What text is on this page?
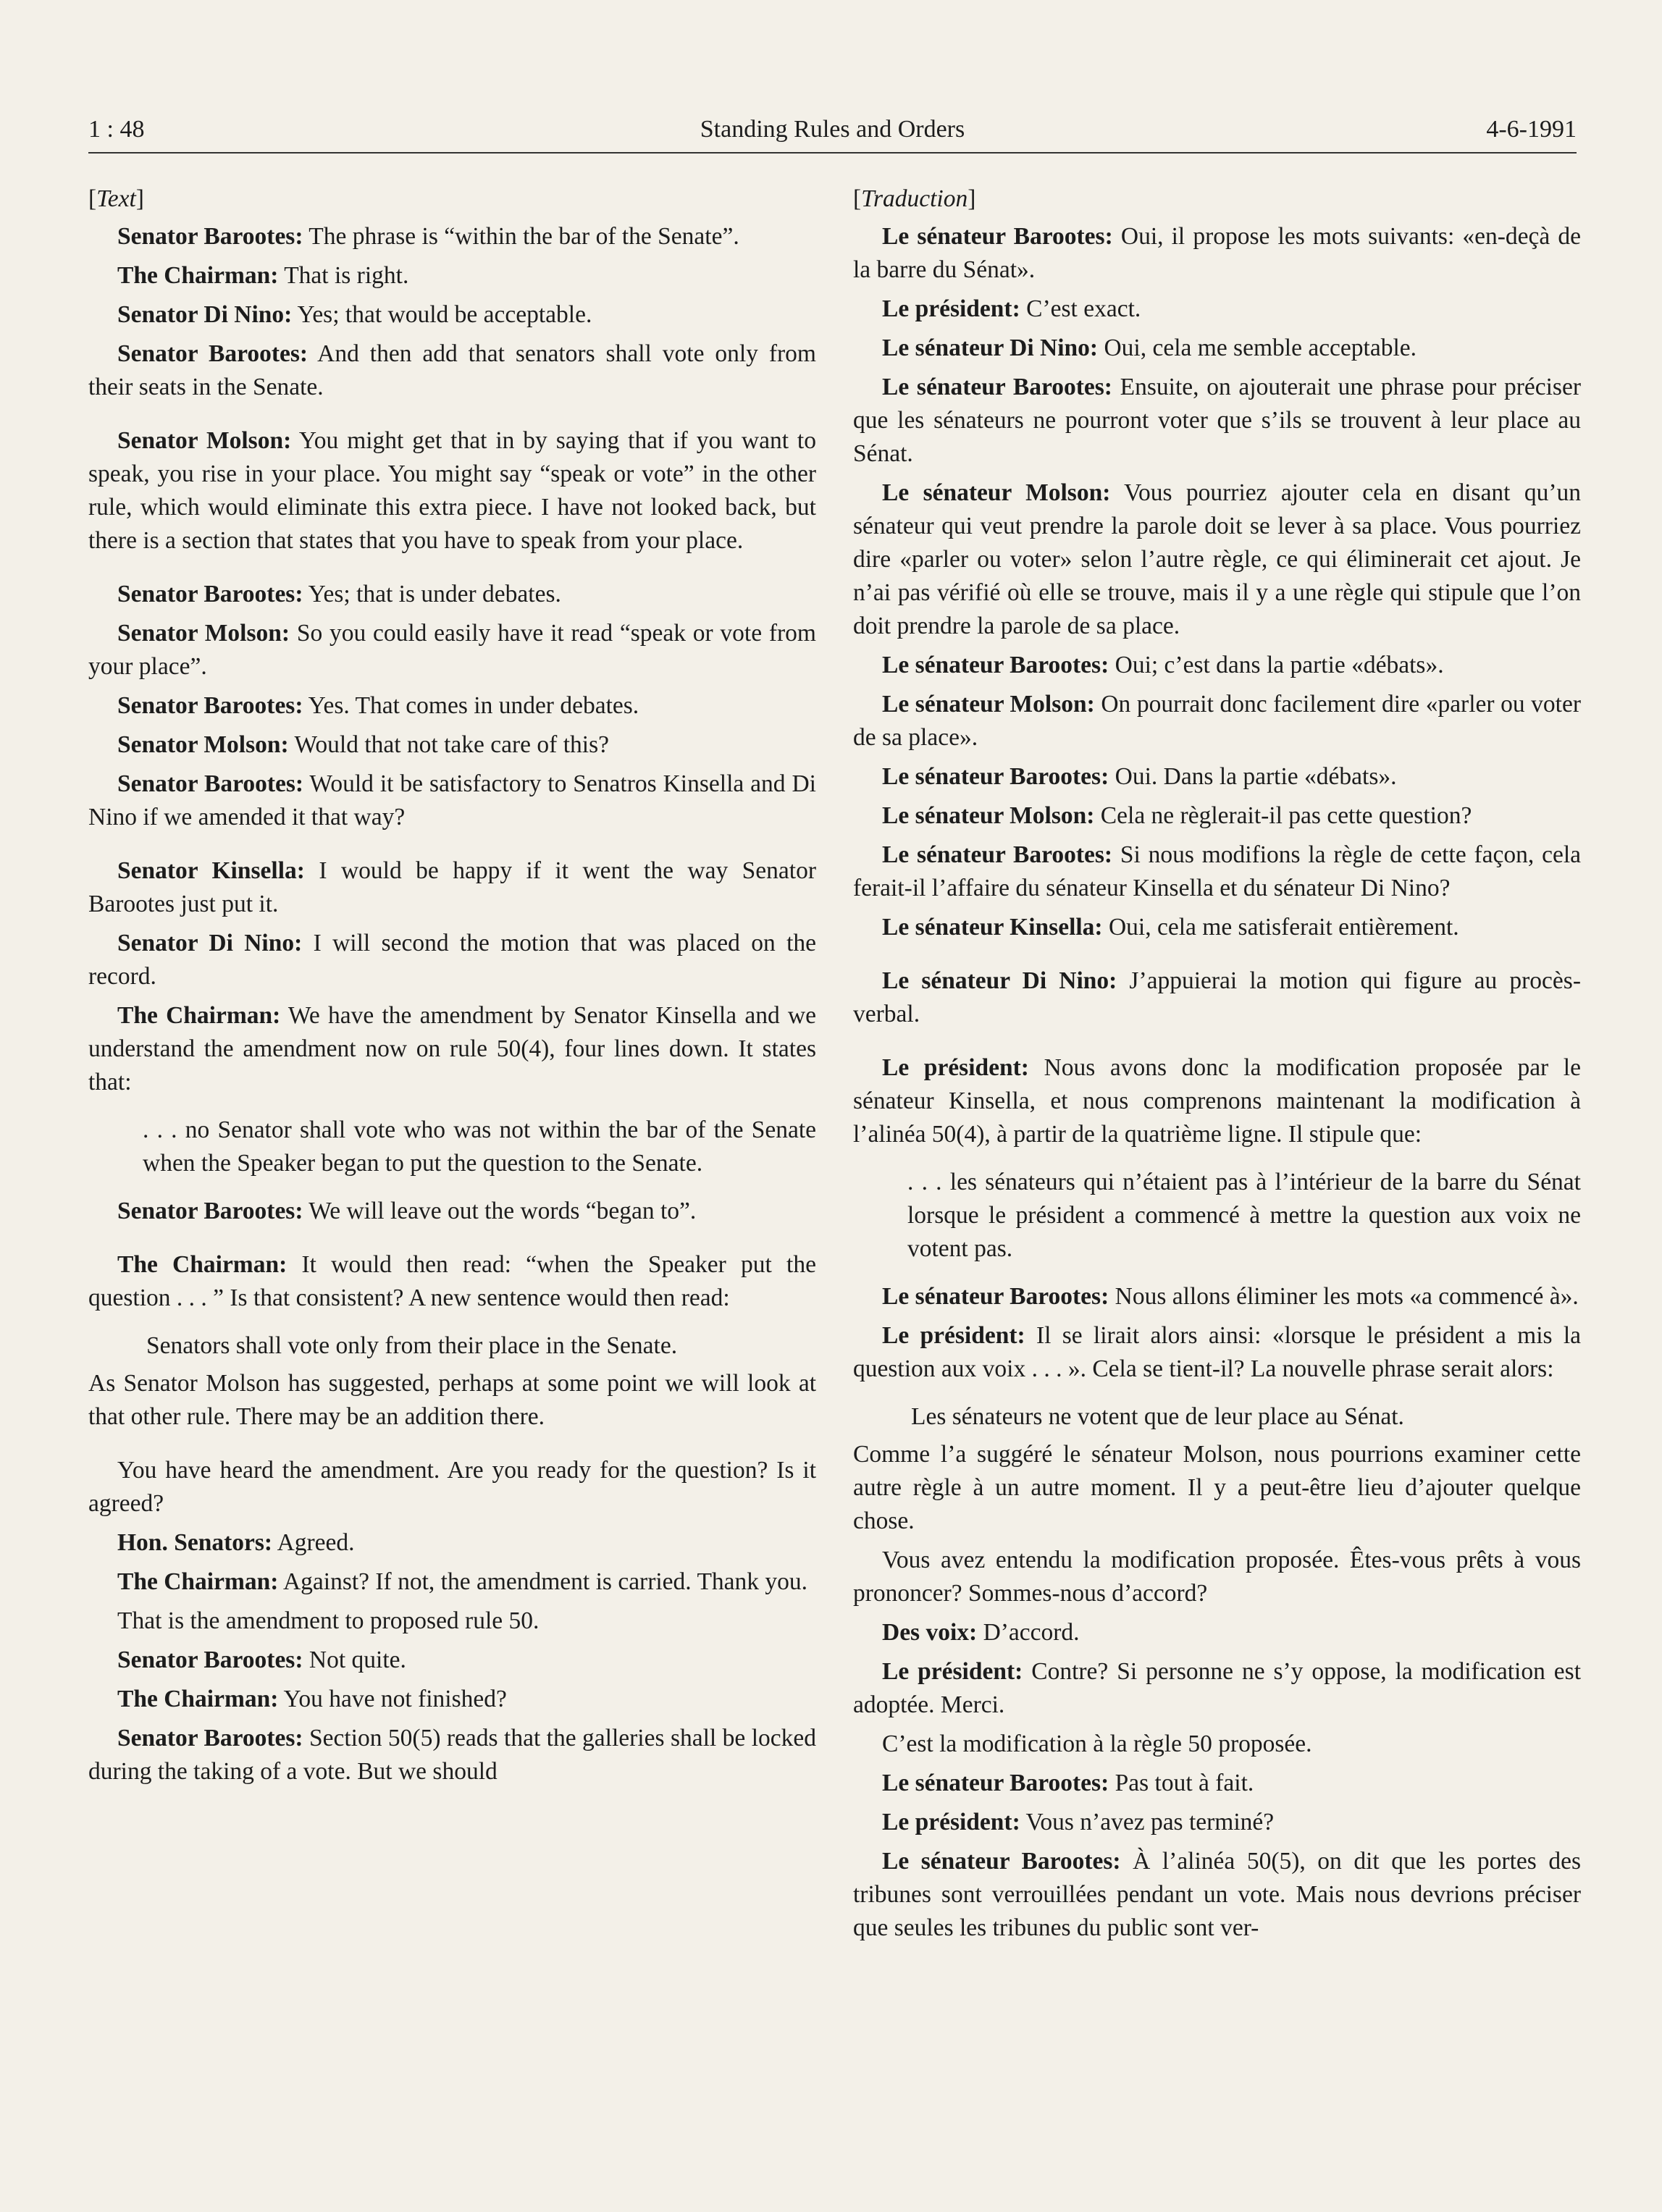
1 : 48	Standing Rules and Orders	4-6-1991
[Text]

Senator Barootes: The phrase is “within the bar of the Senate”.

The Chairman: That is right.

Senator Di Nino: Yes; that would be acceptable.

Senator Barootes: And then add that senators shall vote only from their seats in the Senate.

Senator Molson: You might get that in by saying that if you want to speak, you rise in your place. You might say “speak or vote” in the other rule, which would eliminate this extra piece. I have not looked back, but there is a section that states that you have to speak from your place.

Senator Barootes: Yes; that is under debates.

Senator Molson: So you could easily have it read “speak or vote from your place”.

Senator Barootes: Yes. That comes in under debates.

Senator Molson: Would that not take care of this?

Senator Barootes: Would it be satisfactory to Senatros Kinsella and Di Nino if we amended it that way?

Senator Kinsella: I would be happy if it went the way Senator Barootes just put it.

Senator Di Nino: I will second the motion that was placed on the record.

The Chairman: We have the amendment by Senator Kinsella and we understand the amendment now on rule 50(4), four lines down. It states that:

. . . no Senator shall vote who was not within the bar of the Senate when the Speaker began to put the question to the Senate.

Senator Barootes: We will leave out the words “began to”.

The Chairman: It would then read: “when the Speaker put the question . . . ” Is that consistent? A new sentence would then read:

Senators shall vote only from their place in the Senate.

As Senator Molson has suggested, perhaps at some point we will look at that other rule. There may be an addition there.

You have heard the amendment. Are you ready for the question? Is it agreed?

Hon. Senators: Agreed.

The Chairman: Against? If not, the amendment is carried. Thank you.

That is the amendment to proposed rule 50.

Senator Barootes: Not quite.

The Chairman: You have not finished?

Senator Barootes: Section 50(5) reads that the galleries shall be locked during the taking of a vote. But we should

[Traduction]

Le sénateur Barootes: Oui, il propose les mots suivants: «en-deçà de la barre du Sénat».

Le président: C’est exact.

Le sénateur Di Nino: Oui, cela me semble acceptable.

Le sénateur Barootes: Ensuite, on ajouterait une phrase pour préciser que les sénateurs ne pourront voter que s’ils se trouvent à leur place au Sénat.

Le sénateur Molson: Vous pourriez ajouter cela en disant qu’un sénateur qui veut prendre la parole doit se lever à sa place. Vous pourriez dire «parler ou voter» selon l’autre règle, ce qui éliminerait cet ajout. Je n’ai pas vérifié où elle se trouve, mais il y a une règle qui stipule que l’on doit prendre la parole de sa place.

Le sénateur Barootes: Oui; c’est dans la partie «débats».

Le sénateur Molson: On pourrait donc facilement dire «parler ou voter de sa place».

Le sénateur Barootes: Oui. Dans la partie «débats».

Le sénateur Molson: Cela ne règlerait-il pas cette question?

Le sénateur Barootes: Si nous modifions la règle de cette façon, cela ferait-il l’affaire du sénateur Kinsella et du sénateur Di Nino?

Le sénateur Kinsella: Oui, cela me satisferait entièrement.

Le sénateur Di Nino: J’appuierai la motion qui figure au procès-verbal.

Le président: Nous avons donc la modification proposée par le sénateur Kinsella, et nous comprenons maintenant la modification à l’alinéa 50(4), à partir de la quatrième ligne. Il stipule que:

. . . les sénateurs qui n’étaient pas à l’intérieur de la barre du Sénat lorsque le président a commencé à mettre la question aux voix ne votent pas.

Le sénateur Barootes: Nous allons éliminer les mots «a commencé à».

Le président: Il se lirait alors ainsi: «lorsque le président a mis la question aux voix . . . ». Cela se tient-il? La nouvelle phrase serait alors:

Les sénateurs ne votent que de leur place au Sénat.

Comme l’a suggéré le sénateur Molson, nous pourrions examiner cette autre règle à un autre moment. Il y a peut-être lieu d’ajouter quelque chose.

Vous avez entendu la modification proposée. Êtes-vous prêts à vous prononcer? Sommes-nous d’accord?

Des voix: D’accord.

Le président: Contre? Si personne ne s’y oppose, la modification est adoptée. Merci.

C’est la modification à la règle 50 proposée.

Le sénateur Barootes: Pas tout à fait.

Le président: Vous n’avez pas terminé?

Le sénateur Barootes: À l’alinéa 50(5), on dit que les portes des tribunes sont verrouillées pendant un vote. Mais nous devrions préciser que seules les tribunes du public sont ver-
